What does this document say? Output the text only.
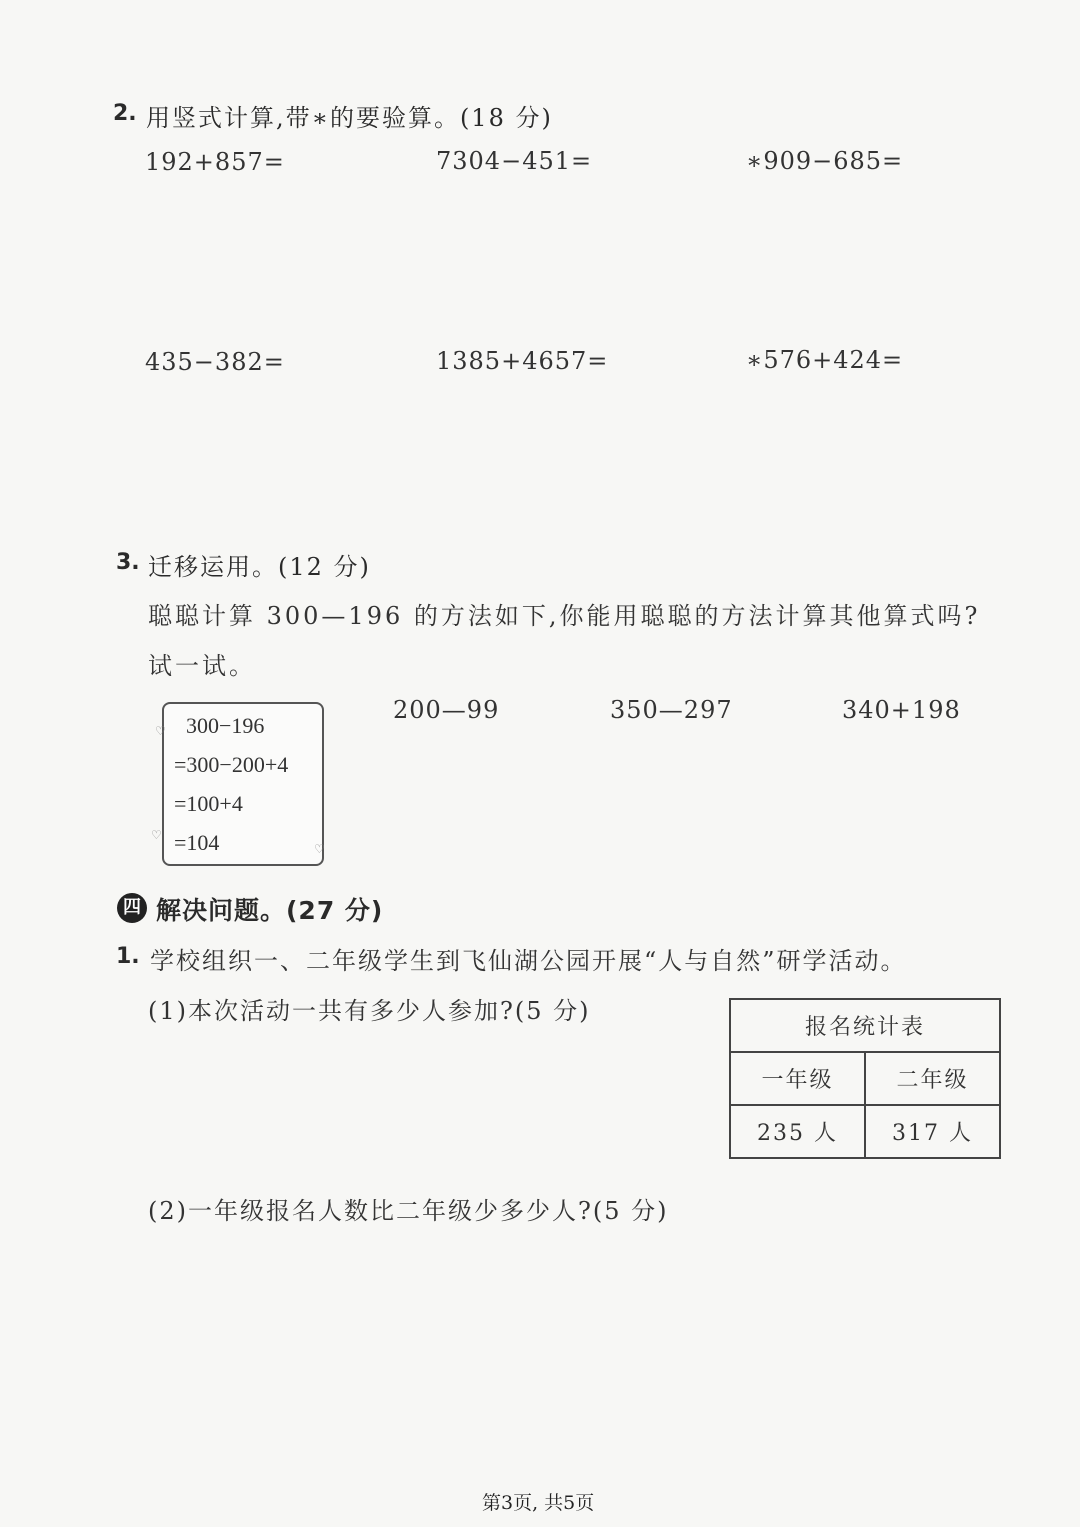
2. 用竖式计算,带∗的要验算。(18 分)
192+857=	7304−451=	∗909−685=
435−382=	1385+4657=	∗576+424=
3. 迁移运用。(12 分)
聪聪计算 300—196 的方法如下,你能用聪聪的方法计算其他算式吗?
试一试。
♡
♡
♡
300−196
=300−200+4
=100+4
=104
200—99	350—297	340+198
四 解决问题。(27 分)
1. 学校组织一、二年级学生到飞仙湖公园开展“人与自然”研学活动。
(1)本次活动一共有多少人参加?(5 分)
(2)一年级报名人数比二年级少多少人?(5 分)
报名统计表	
一年级	二年级
235 人	317 人
第3页, 共5页
